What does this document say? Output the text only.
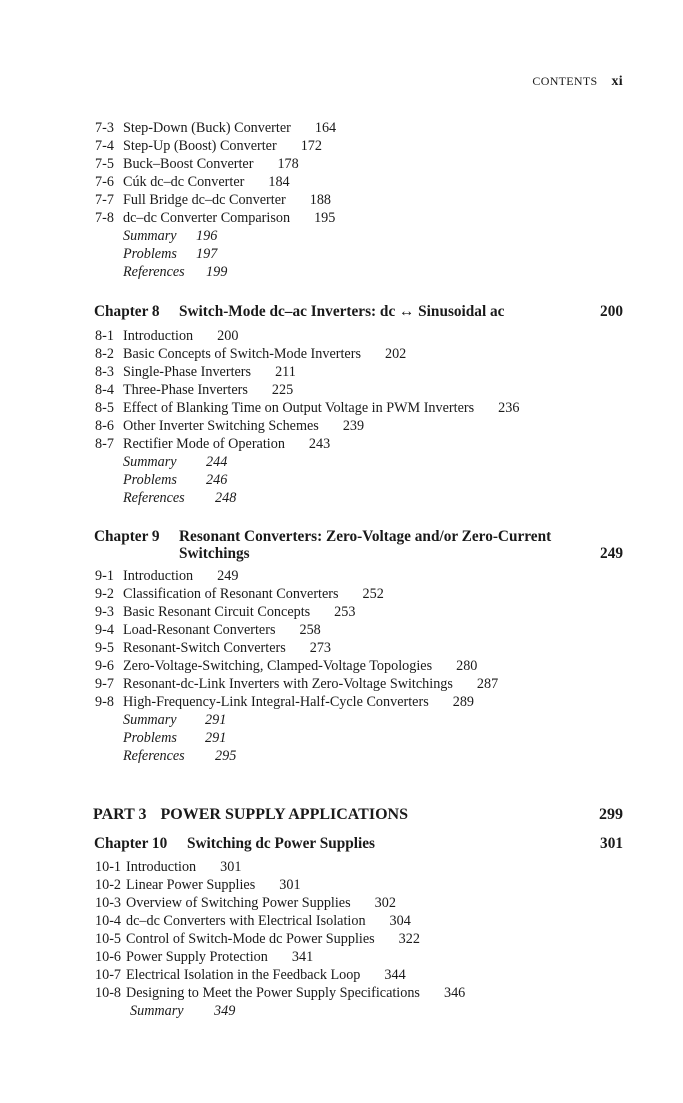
CONTENTS xi
7-3 Step-Down (Buck) Converter 164
7-4 Step-Up (Boost) Converter 172
7-5 Buck–Boost Converter 178
7-6 Cúk dc–dc Converter 184
7-7 Full Bridge dc–dc Converter 188
7-8 dc–dc Converter Comparison 195
Summary 196
Problems 197
References 199
Chapter 8 Switch-Mode dc–ac Inverters: dc ↔ Sinusoidal ac	200
8-1 Introduction 200
8-2 Basic Concepts of Switch-Mode Inverters 202
8-3 Single-Phase Inverters 211
8-4 Three-Phase Inverters 225
8-5 Effect of Blanking Time on Output Voltage in PWM Inverters 236
8-6 Other Inverter Switching Schemes 239
8-7 Rectifier Mode of Operation 243
Summary 244
Problems 246
References 248
Chapter 9 Resonant Converters: Zero-Voltage and/or Zero-Current
Switchings	249
9-1 Introduction 249
9-2 Classification of Resonant Converters 252
9-3 Basic Resonant Circuit Concepts 253
9-4 Load-Resonant Converters 258
9-5 Resonant-Switch Converters 273
9-6 Zero-Voltage-Switching, Clamped-Voltage Topologies 280
9-7 Resonant-dc-Link Inverters with Zero-Voltage Switchings 287
9-8 High-Frequency-Link Integral-Half-Cycle Converters 289
Summary 291
Problems 291
References 295
PART 3 POWER SUPPLY APPLICATIONS	299
Chapter 10 Switching dc Power Supplies	301
10-1 Introduction 301
10-2 Linear Power Supplies 301
10-3 Overview of Switching Power Supplies 302
10-4 dc–dc Converters with Electrical Isolation 304
10-5 Control of Switch-Mode dc Power Supplies 322
10-6 Power Supply Protection 341
10-7 Electrical Isolation in the Feedback Loop 344
10-8 Designing to Meet the Power Supply Specifications 346
Summary 349
